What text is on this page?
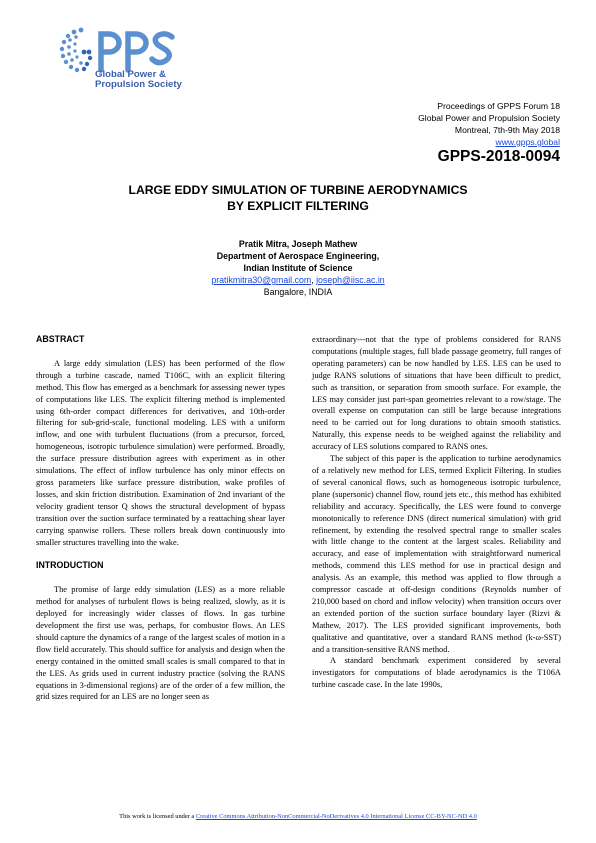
Global Power &
Propulsion Society
Proceedings of GPPS Forum 18
Global Power and Propulsion Society
Montreal, 7th-9th May 2018
www.gpps.global
GPPS-2018-0094
LARGE EDDY SIMULATION OF TURBINE AERODYNAMICS
BY EXPLICIT FILTERING
Pratik Mitra, Joseph Mathew
Department of Aerospace Engineering,
Indian Institute of Science
pratikmitra30@gmail.com, joseph@iisc.ac.in
Bangalore, INDIA
ABSTRACT

A large eddy simulation (LES) has been performed of the flow through a turbine cascade, named T106C, with an explicit filtering method. This flow has emerged as a benchmark for assessing newer types of computations like LES. The explicit filtering method is implemented using 6th-order compact differences for derivatives, and 10th-order filtering for sub-grid-scale, functional modeling. LES with a uniform inflow, and one with turbulent fluctuations (from a precursor, forced, homogeneous, isotropic turbulence simulation) were performed. Broadly, the surface pressure distribution agrees with experiment as in other simulations. The effect of inflow turbulence has only minor effects on gross parameters like surface pressure distribution, wake profiles of losses, and skin friction distribution. Examination of 2nd invariant of the velocity gradient tensor Q shows the structural development of bypass transition over the suction surface terminated by a reattaching shear layer carrying spanwise rollers. These rollers break down continuously into smaller structures travelling into the wake.

INTRODUCTION

The promise of large eddy simulation (LES) as a more reliable method for analyses of turbulent flows is being realized, slowly, as it is deployed for increasingly wider classes of flows. In gas turbine development the first use was, perhaps, for combustor flows. An LES should capture the dynamics of a range of the largest scales of motion in a flow field accurately. This should suffice for analysis and design when the energy contained in the omitted small scales is small compared to that in the LES. As grids used in current industry practice (solving the RANS equations in 3-dimensional regions) are of the order of a few million, the grid sizes required for an LES are no longer seen as

extraordinary---not that the type of problems considered for RANS computations (multiple stages, full blade passage geometry, full ranges of operating parameters) can be now handled by LES. LES can be used to judge RANS solutions of situations that have been difficult to predict, such as transition, or separation from smooth surface. For example, the LES may consider just part-span geometries relevant to a row/stage. The overall expense on computation can still be large because integrations need to be carried out for long durations to obtain smooth statistics. Naturally, this expense needs to be weighed against the reliability and accuracy of LES solutions compared to RANS ones.

The subject of this paper is the application to turbine aerodynamics of a relatively new method for LES, termed Explicit Filtering. In studies of several canonical flows, such as homogeneous isotropic turbulence, plane (supersonic) channel flow, round jets etc., this method has exhibited reliability and accuracy. Specifically, the LES were found to converge monotonically to reference DNS (direct numerical simulation) with grid refinement, by extending the resolved spectral range to smaller scales with little change to the content at the largest scales. Reliability and accuracy, and ease of implementation with straightforward numerical methods, commend this LES method for use in practical design and analysis. As an example, this method was applied to flow through a compressor cascade at off-design conditions (Reynolds number of 210,000 based on chord and inflow velocity) when transition occurs over an extended portion of the suction surface boundary layer (Rizvi & Mathew, 2017). The LES provided significant improvements, both qualitative and quantitative, over a standard RANS method (k-ω-SST) and a transition-sensitive RANS method.

A standard benchmark experiment considered by several investigators for computations of blade aerodynamics is the T106A turbine cascade case. In the late 1990s,

This work is licensed under a Creative Commons Attribution-NonCommercial-NoDerivatives 4.0 International License CC-BY-NC-ND 4.0
